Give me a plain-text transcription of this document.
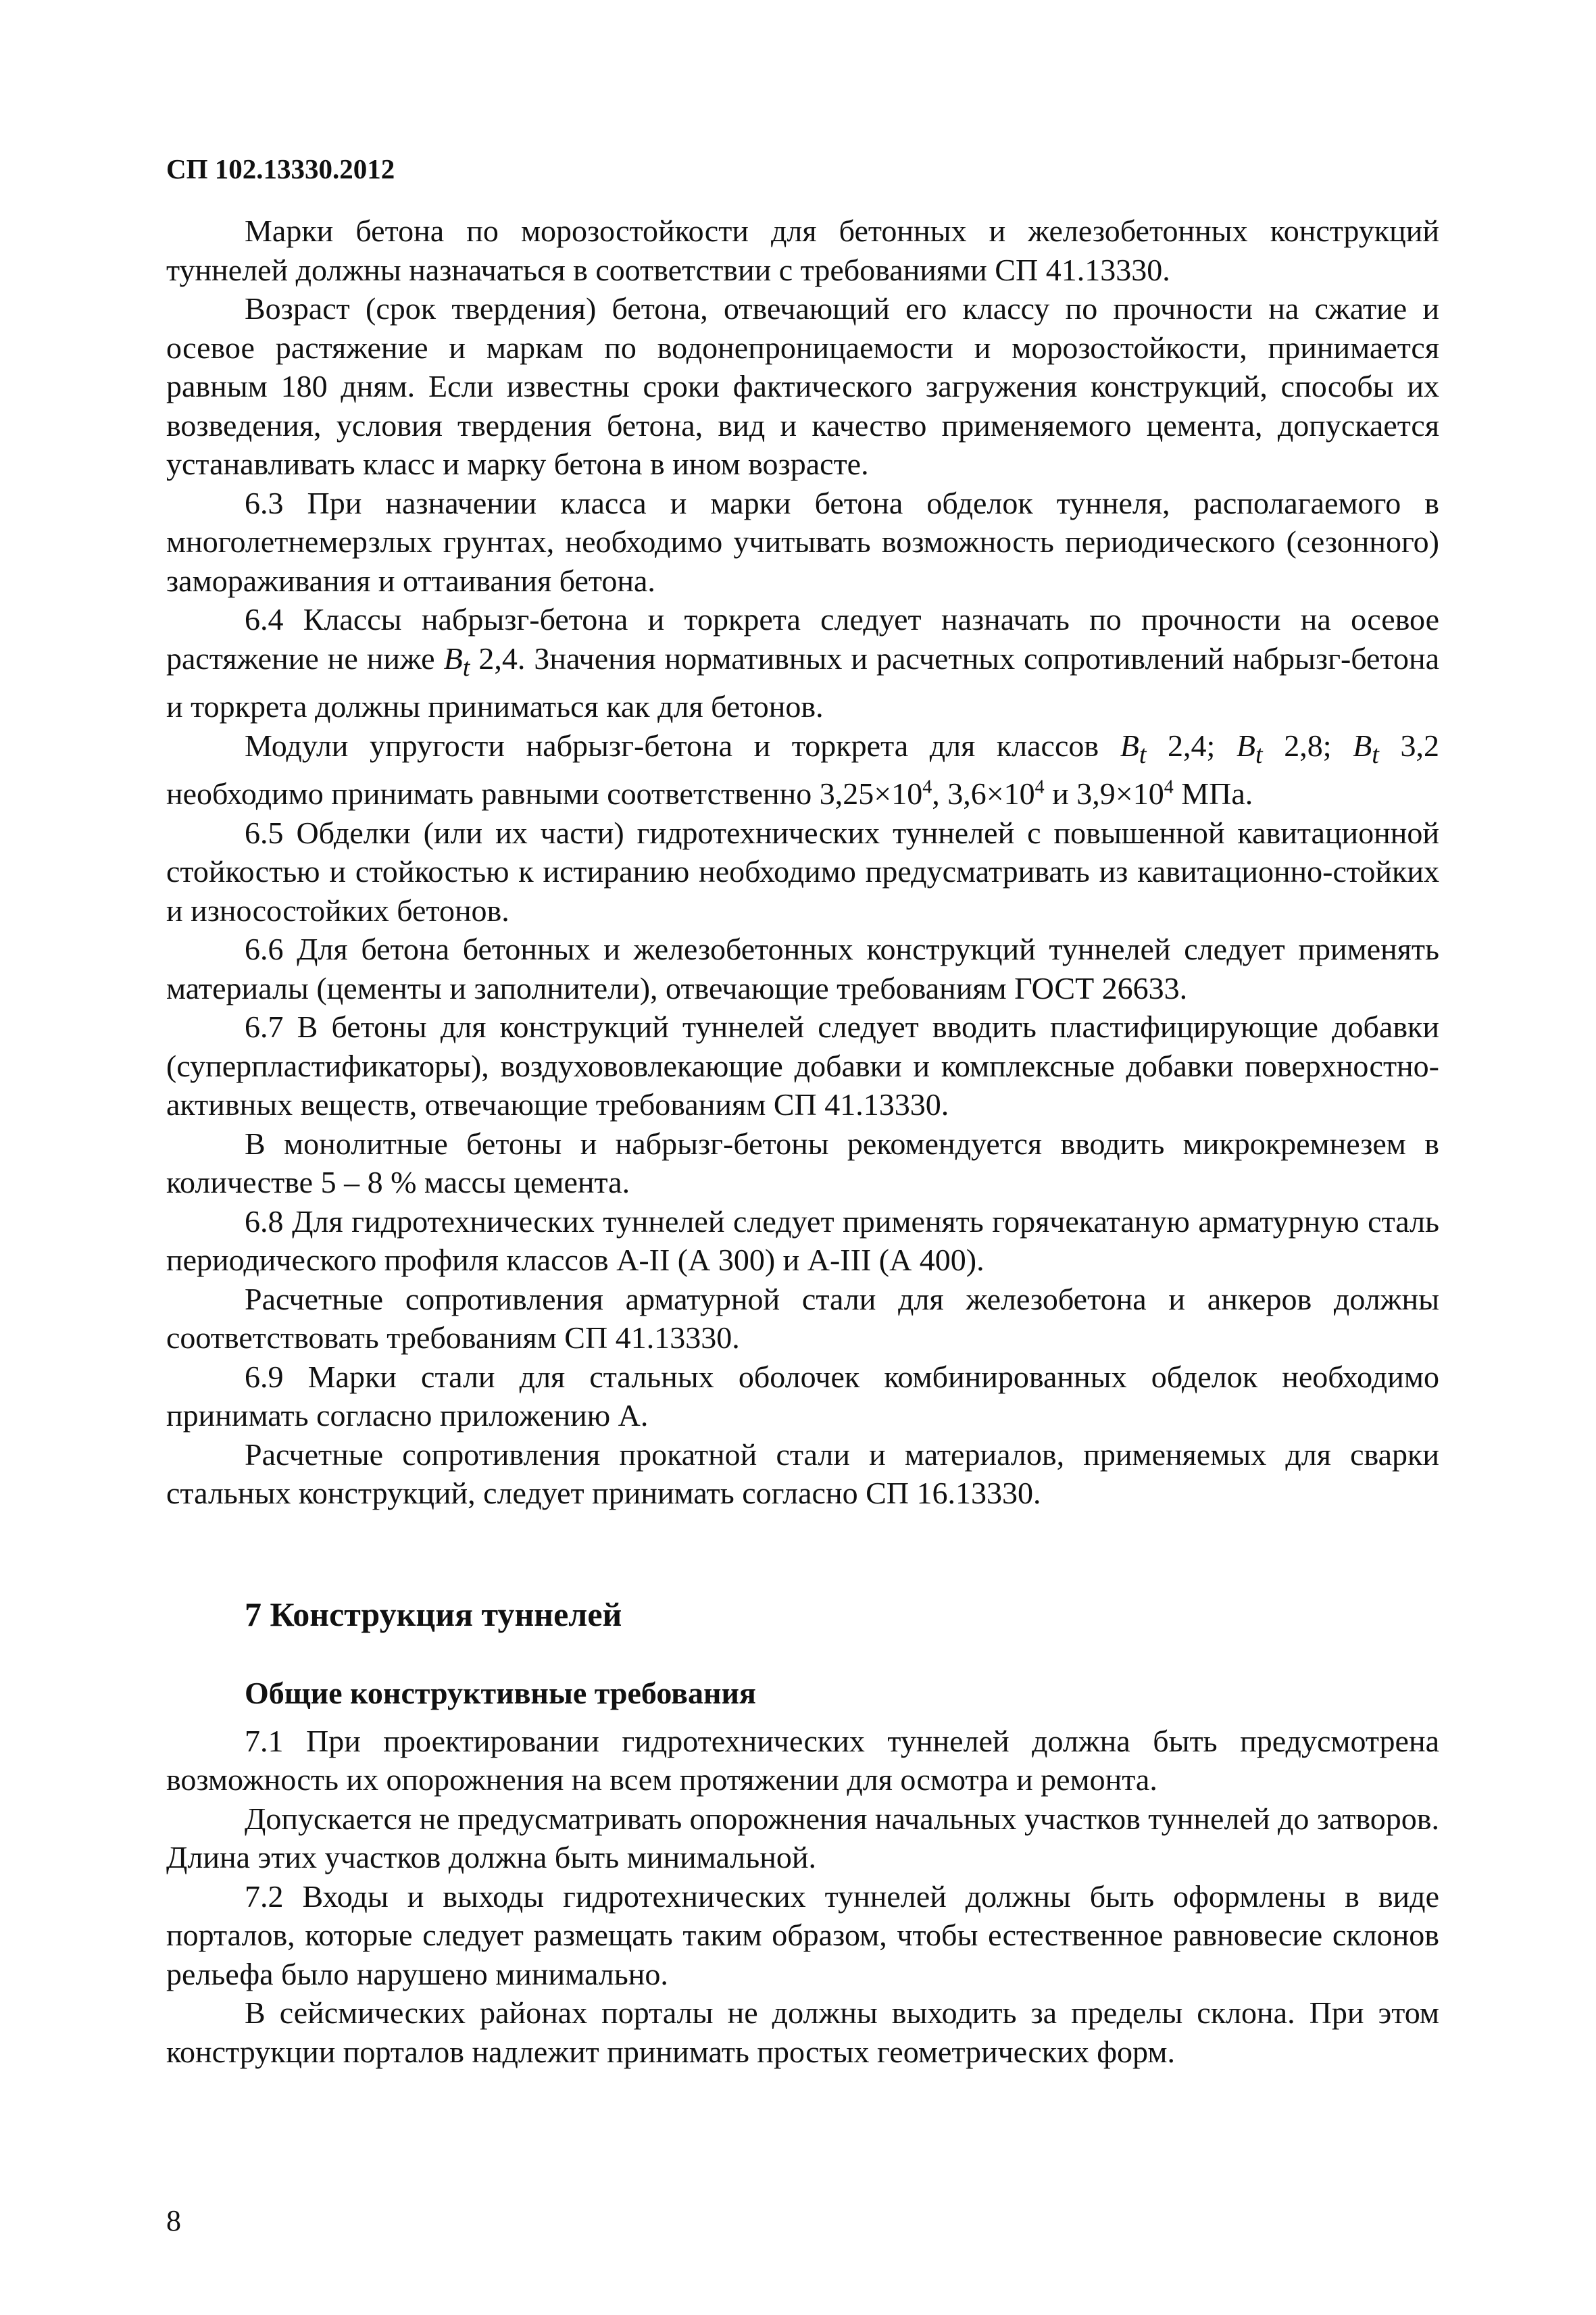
СП 102.13330.2012

Марки бетона по морозостойкости для бетонных и железобетонных конструкций туннелей должны назначаться в соответствии с требованиями СП 41.13330.

Возраст (срок твердения) бетона, отвечающий его классу по прочности на сжатие и осевое растяжение и маркам по водонепроницаемости и морозостойкости, принимается равным 180 дням. Если известны сроки фактического загружения конструкций, способы их возведения, условия твердения бетона, вид и качество применяемого цемента, допускается устанавливать класс и марку бетона в ином возрасте.

6.3 При назначении класса и марки бетона обделок туннеля, располагаемого в многолетнемерзлых грунтах, необходимо учитывать возможность периодического (сезонного) замораживания и оттаивания бетона.

6.4 Классы набрызг-бетона и торкрета следует назначать по прочности на осевое растяжение не ниже $B_t$ 2,4. Значения нормативных и расчетных сопротивлений набрызг-бетона и торкрета должны приниматься как для бетонов.

Модули упругости набрызг-бетона и торкрета для классов $B_t$ 2,4; $B_t$ 2,8; $B_t$ 3,2 необходимо принимать равными соответственно $3,25\times 10^4$, $3,6\times 10^4$ и $3,9\times 10^4$ МПа.

6.5 Обделки (или их части) гидротехнических туннелей с повышенной кавитационной стойкостью и стойкостью к истиранию необходимо предусматривать из кавитационно-стойких и износостойких бетонов.

6.6 Для бетона бетонных и железобетонных конструкций туннелей следует применять материалы (цементы и заполнители), отвечающие требованиям ГОСТ 26633.

6.7 В бетоны для конструкций туннелей следует вводить пластифицирующие добавки (суперпластификаторы), воздухововлекающие добавки и комплексные добавки поверхностно-активных веществ, отвечающие требованиям СП 41.13330.

В монолитные бетоны и набрызг-бетоны рекомендуется вводить микрокремнезем в количестве 5 – 8 % массы цемента.

6.8 Для гидротехнических туннелей следует применять горячекатаную арматурную сталь периодического профиля классов А-II (А 300) и А-III (А 400).

Расчетные сопротивления арматурной стали для железобетона и анкеров должны соответствовать требованиям СП 41.13330.

6.9 Марки стали для стальных оболочек комбинированных обделок необходимо принимать согласно приложению А.

Расчетные сопротивления прокатной стали и материалов, применяемых для сварки стальных конструкций, следует принимать согласно СП 16.13330.

7 Конструкция туннелей
Общие конструктивные требования

7.1 При проектировании гидротехнических туннелей должна быть предусмотрена возможность их опорожнения на всем протяжении для осмотра и ремонта.

Допускается не предусматривать опорожнения начальных участков туннелей до затворов. Длина этих участков должна быть минимальной.

7.2 Входы и выходы гидротехнических туннелей должны быть оформлены в виде порталов, которые следует размещать таким образом, чтобы естественное равновесие склонов рельефа было нарушено минимально.

В сейсмических районах порталы не должны выходить за пределы склона. При этом конструкции порталов надлежит принимать простых геометрических форм.

8
